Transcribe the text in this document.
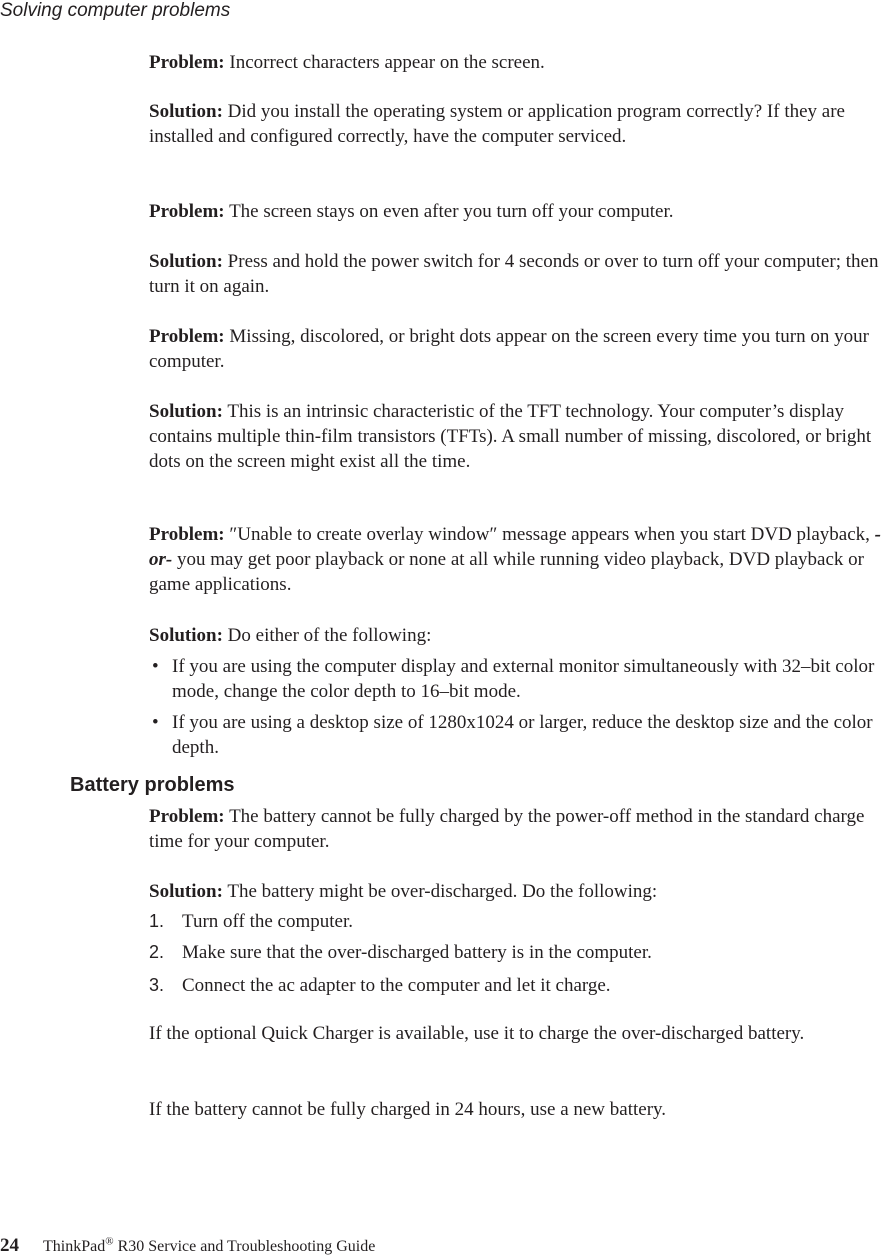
Solving computer problems
Problem: Incorrect characters appear on the screen.
Solution: Did you install the operating system or application program correctly? If they are installed and configured correctly, have the computer serviced.
Problem: The screen stays on even after you turn off your computer.
Solution: Press and hold the power switch for 4 seconds or over to turn off your computer; then turn it on again.
Problem: Missing, discolored, or bright dots appear on the screen every time you turn on your computer.
Solution: This is an intrinsic characteristic of the TFT technology. Your computer’s display contains multiple thin-film transistors (TFTs). A small number of missing, discolored, or bright dots on the screen might exist all the time.
Problem: ″Unable to create overlay window″ message appears when you start DVD playback, -or- you may get poor playback or none at all while running video playback, DVD playback or game applications.
Solution: Do either of the following:
• If you are using the computer display and external monitor simultaneously with 32–bit color mode, change the color depth to 16–bit mode.
• If you are using a desktop size of 1280x1024 or larger, reduce the desktop size and the color depth.
Battery problems
Problem: The battery cannot be fully charged by the power-off method in the standard charge time for your computer.
Solution: The battery might be over-discharged. Do the following:
1. Turn off the computer.
2. Make sure that the over-discharged battery is in the computer.
3. Connect the ac adapter to the computer and let it charge.
If the optional Quick Charger is available, use it to charge the over-discharged battery.
If the battery cannot be fully charged in 24 hours, use a new battery.
24 ThinkPad® R30 Service and Troubleshooting Guide
